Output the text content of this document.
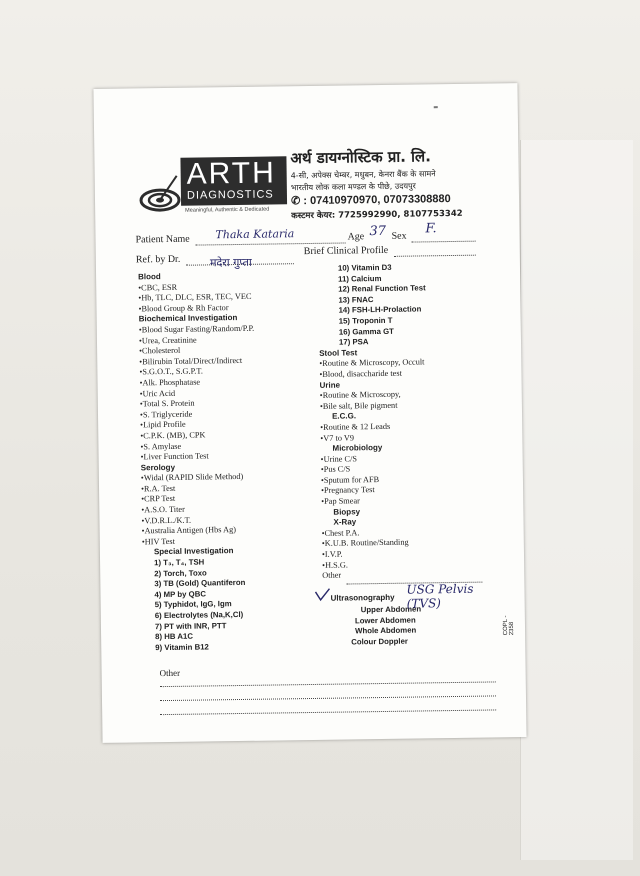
ARTH
DIAGNOSTICS
Meaningful, Authentic & Dedicated
अर्थ डायग्नोस्टिक प्रा. लि.
4-सी, अपेक्स चेम्बर, मधुबन, केनरा बैंक के सामने
भारतीय लोक कला मण्डल के पीछे, उदयपुर
✆ : 07410970970, 07073308880
कस्टमर केयर: 7725992990, 8107753342
Patient Name Thaka Kataria	Age 37 Sex F.
Ref. by Dr.	मदेरा गुप्ता
Brief Clinical Profile
Blood
• CBC, ESR
• Hb, TLC, DLC, ESR, TEC, VEC
• Blood Group & Rh Factor
Biochemical Investigation
• Blood Sugar Fasting/Random/P.P.
• Urea, Creatinine
• Cholesterol
• Bilirubin Total/Direct/Indirect
• S.G.O.T., S.G.P.T.
• Alk. Phosphatase
• Uric Acid
• Total S. Protein
• S. Triglyceride
• Lipid Profile
• C.P.K. (MB), CPK
• S. Amylase
• Liver Function Test
Serology
• Widal (RAPID Slide Method)
• R.A. Test
• CRP Test
• A.S.O. Titer
• V.D.R.L./K.T.
• Australia Antigen (Hbs Ag)
• HIV Test
Special Investigation
1) T₃, T₄, TSH
2) Torch, Toxo
3) TB (Gold) Quantiferon
4) MP by QBC
5) Typhidot, IgG, Igm
6) Electrolytes (Na,K,Cl)
7) PT with INR, PTT
8) HB A1C
9) Vitamin B12
10) Vitamin D3
11) Calcium
12) Renal Function Test
13) FNAC
14) FSH-LH-Prolaction
15) Troponin T
16) Gamma GT
17) PSA
Stool Test
• Routine & Microscopy, Occult
• Blood, disaccharide test
Urine
• Routine & Microscopy,
• Bile salt, Bile pigment
E.C.G.
• Routine & 12 Leads
• V7 to V9
Microbiology
• Urine C/S
• Pus C/S
• Sputum for AFB
• Pregnancy Test
• Pap Smear
Biopsy
X-Ray
• Chest P.A.
• K.U.B. Routine/Standing
• I.V.P.
• H.S.G.
Other
Ultrasonography
Upper Abdomen
Lower Abdomen
Whole Abdomen
Colour Doppler
USG Pelvis (TVS)
COPL - 2358
Other
